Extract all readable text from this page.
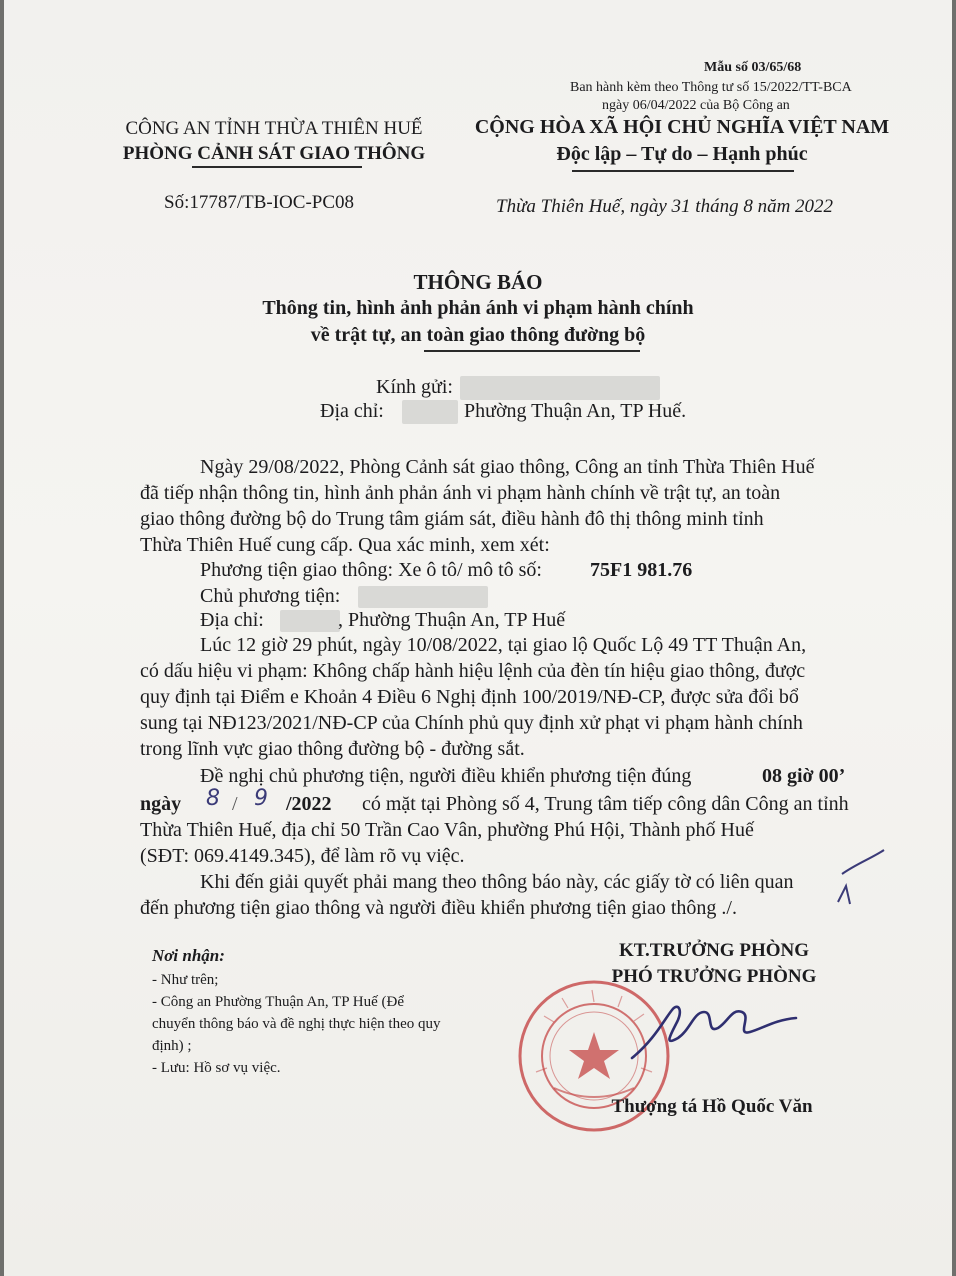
Mẫu số 03/65/68
Ban hành kèm theo Thông tư số 15/2022/TT-BCA
ngày 06/04/2022 của Bộ Công an
CÔNG AN TỈNH THỪA THIÊN HUẾ
PHÒNG CẢNH SÁT GIAO THÔNG
CỘNG HÒA XÃ HỘI CHỦ NGHĨA VIỆT NAM
Độc lập – Tự do – Hạnh phúc
Số:17787/TB-IOC-PC08	Thừa Thiên Huế, ngày 31 tháng 8 năm 2022
THÔNG BÁO
Thông tin, hình ảnh phản ánh vi phạm hành chính
về trật tự, an toàn giao thông đường bộ
Kính gửi:
Địa chỉ:	Phường Thuận An, TP Huế.
Ngày 29/08/2022, Phòng Cảnh sát giao thông, Công an tỉnh Thừa Thiên Huế
đã tiếp nhận thông tin, hình ảnh phản ánh vi phạm hành chính về trật tự, an toàn
giao thông đường bộ do Trung tâm giám sát, điều hành đô thị thông minh tỉnh
Thừa Thiên Huế cung cấp. Qua xác minh, xem xét:
Phương tiện giao thông: Xe ô tô/ mô tô số: 75F1 981.76
Chủ phương tiện:
Địa chỉ:	, Phường Thuận An, TP Huế
Lúc 12 giờ 29 phút, ngày 10/08/2022, tại giao lộ Quốc Lộ 49 TT Thuận An,
có dấu hiệu vi phạm: Không chấp hành hiệu lệnh của đèn tín hiệu giao thông, được
quy định tại Điểm e Khoản 4 Điều 6 Nghị định 100/2019/NĐ-CP, được sửa đổi bổ
sung tại NĐ123/2021/NĐ-CP của Chính phủ quy định xử phạt vi phạm hành chính
trong lĩnh vực giao thông đường bộ - đường sắt.
Đề nghị chủ phương tiện, người điều khiển phương tiện đúng	08 giờ 00’
ngày 8 / 9 /2022 có mặt tại Phòng số 4, Trung tâm tiếp công dân Công an tỉnh
Thừa Thiên Huế, địa chỉ 50 Trần Cao Vân, phường Phú Hội, Thành phố Huế
(SĐT: 069.4149.345), để làm rõ vụ việc.
Khi đến giải quyết phải mang theo thông báo này, các giấy tờ có liên quan
đến phương tiện giao thông và người điều khiển phương tiện giao thông ./.
Nơi nhận:
- Như trên;
- Công an Phường Thuận An, TP Huế (Để
chuyển thông báo và đề nghị thực hiện theo quy
định) ;
- Lưu: Hồ sơ vụ việc.
KT.TRƯỞNG PHÒNG
PHÓ TRƯỞNG PHÒNG
Thượng tá Hồ Quốc Văn
